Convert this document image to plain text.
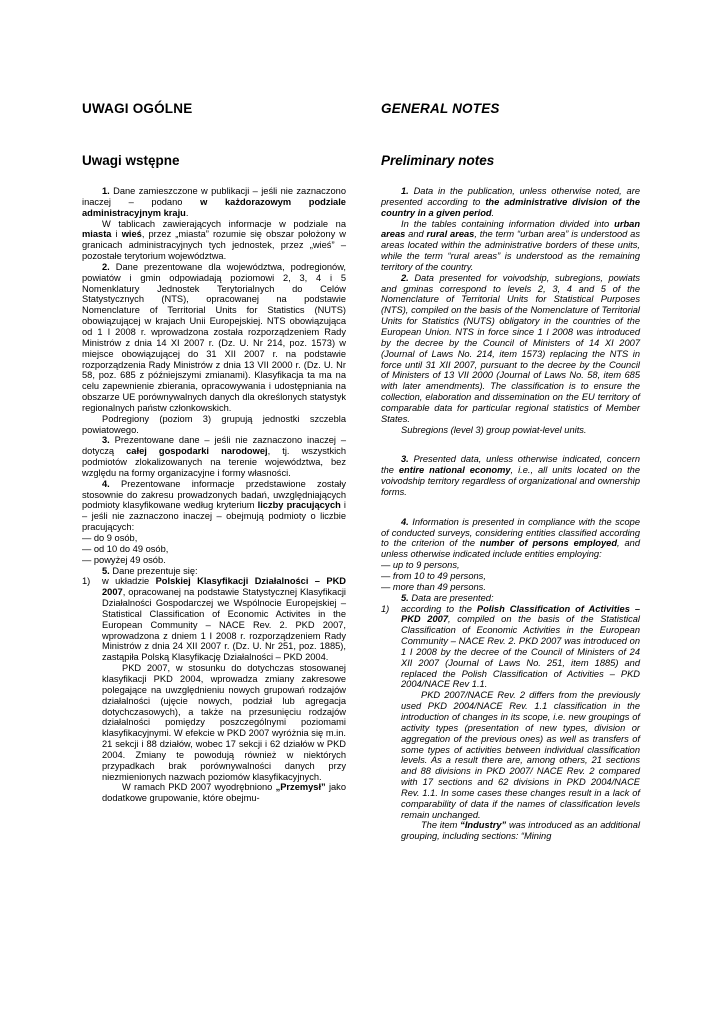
UWAGI OGÓLNE
Uwagi wstępne

1. Dane zamieszczone w publikacji – jeśli nie zaznaczono inaczej – podano w każdorazowym podziale administracyjnym kraju.

W tablicach zawierających informacje w podziale na miasta i wieś, przez „miasta” rozumie się obszar położony w granicach administracyjnych tych jednostek, przez „wieś” – pozostałe terytorium województwa.

2. Dane prezentowane dla województwa, podregionów, powiatów i gmin odpowiadają poziomowi 2, 3, 4 i 5 Nomenklatury Jednostek Terytorialnych do Celów Statystycznych (NTS), opracowanej na podstawie Nomenclature of Territorial Units for Statistics (NUTS) obowiązującej w krajach Unii Europejskiej. NTS obowiązująca od 1 I 2008 r. wprowadzona została rozporządzeniem Rady Ministrów z dnia 14 XI 2007 r. (Dz. U. Nr 214, poz. 1573) w miejsce obowiązującej do 31 XII 2007 r. na podstawie rozporządzenia Rady Ministrów z dnia 13 VII 2000 r. (Dz. U. Nr 58, poz. 685 z późniejszymi zmianami). Klasyfikacja ta ma na celu zapewnienie zbierania, opracowywania i udostępniania na obszarze UE porównywalnych danych dla określonych statystyk regionalnych państw członkowskich.

Podregiony (poziom 3) grupują jednostki szczebla powiatowego.

3. Prezentowane dane – jeśli nie zaznaczono inaczej – dotyczą całej gospodarki narodowej, tj. wszystkich podmiotów zlokalizowanych na terenie województwa, bez względu na formy organizacyjne i formy własności.

4. Prezentowane informacje przedstawione zostały stosownie do zakresu prowadzonych badań, uwzględniających podmioty klasyfikowane według kryterium liczby pracujących i – jeśli nie zaznaczono inaczej – obejmują podmioty o liczbie pracujących:

— do 9 osób,

— od 10 do 49 osób,

— powyżej 49 osób.

5. Dane prezentuje się:

1)	w układzie Polskiej Klasyfikacji Działalności – PKD 2007, opracowanej na podstawie Statystycznej Klasyfikacji Działalności Gospodarczej we Wspólnocie Europejskiej – Statistical Classification of Economic Activites in the European Community – NACE Rev. 2. PKD 2007, wprowadzona z dniem 1 I 2008 r. rozporządzeniem Rady Ministrów z dnia 24 XII 2007 r. (Dz. U. Nr 251, poz. 1885), zastąpiła Polską Klasyfikację Działalności – PKD 2004.

PKD 2007, w stosunku do dotychczas stosowanej klasyfikacji PKD 2004, wprowadza zmiany zakresowe polegające na uwzględnieniu nowych grupowań rodzajów działalności (ujęcie nowych, podział lub agregacja dotychczasowych), a także na przesunięciu rodzajów działalności pomiędzy poszczególnymi poziomami klasyfikacyjnymi. W efekcie w PKD 2007 wyróżnia się m.in. 21 sekcji i 88 działów, wobec 17 sekcji i 62 działów w PKD 2004. Zmiany te powodują również w niektórych przypadkach brak porównywalności danych przy niezmienionych nazwach poziomów klasyfikacyjnych.

W ramach PKD 2007 wyodrębniono „Przemysł” jako dodatkowe grupowanie, które obejmu-

GENERAL NOTES
Preliminary notes

1. Data in the publication, unless otherwise noted, are presented according to the administrative division of the country in a given period.

In the tables containing information divided into urban areas and rural areas, the term “urban area” is understood as areas located within the administrative borders of these units, while the term “rural areas” is understood as the remaining territory of the country.

2. Data presented for voivodship, subregions, powiats and gminas correspond to levels 2, 3, 4 and 5 of the Nomenclature of Territorial Units for Statistical Purposes (NTS), compiled on the basis of the Nomenclature of Territorial Units for Statistics (NUTS) obligatory in the countries of the European Union. NTS in force since 1 I 2008 was introduced by the decree by the Council of Ministers of 14 XI 2007 (Journal of Laws No. 214, item 1573) replacing the NTS in force until 31 XII 2007, pursuant to the decree by the Council of Ministers of 13 VII 2000 (Journal of Laws No. 58, item 685 with later amendments). The classification is to ensure the collection, elaboration and dissemination on the EU territory of comparable data for particular regional statistics of Member States.

Subregions (level 3) group powiat-level units.

3. Presented data, unless otherwise indicated, concern the entire national economy, i.e., all units located on the voivodship territory regardless of organizational and ownership forms.

4. Information is presented in compliance with the scope of conducted surveys, considering entities classified according to the criterion of the number of persons employed, and unless otherwise indicated include entities employing:

— up to 9 persons,

— from 10 to 49 persons,

— more than 49 persons.

5. Data are presented:

1)	according to the Polish Classification of Activities – PKD 2007, compiled on the basis of the Statistical Classification of Economic Activities in the European Community – NACE Rev. 2. PKD 2007 was introduced on 1 I 2008 by the decree of the Council of Ministers of 24 XII 2007 (Journal of Laws No. 251, item 1885) and replaced the Polish Classification of Activities – PKD 2004/NACE Rev 1.1.

PKD 2007/NACE Rev. 2 differs from the previously used PKD 2004/NACE Rev. 1.1 classification in the introduction of changes in its scope, i.e. new groupings of activity types (presentation of new types, division or aggregation of the previous ones) as well as transfers of some types of activities between individual classification levels. As a result there are, among others, 21 sections and 88 divisions in PKD 2007/ NACE Rev. 2 compared with 17 sections and 62 divisions in PKD 2004/NACE Rev. 1.1. In some cases these changes result in a lack of comparability of data if the names of classification levels remain unchanged.

The item “Industry” was introduced as an additional grouping, including sections: “Mining
